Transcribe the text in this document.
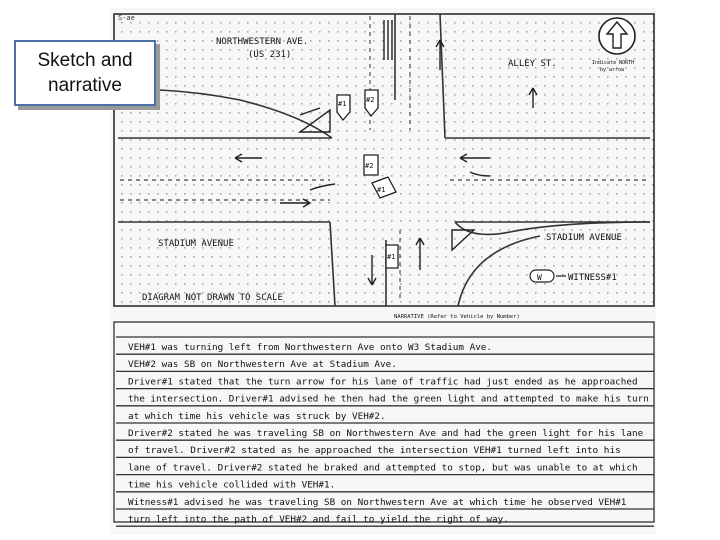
S-ae
#1	#2
#2
#1
#1
NORTHWESTERN AVE.
(US 231)
ALLEY ST.
STADIUM AVENUE
STADIUM AVENUE
DIAGRAM NOT DRAWN TO SCALE
W	WITNESS#1
Indicate NORTH
by arrow
NARRATIVE (Refer to Vehicle by Number)
VEH#1 was turning left from Northwestern Ave onto W3 Stadium Ave.
VEH#2 was SB on Northwestern Ave at Stadium Ave.
Driver#1 stated that the turn arrow for his lane of traffic had just ended as he approached
the intersection. Driver#1 advised he then had the green light and attempted to make his turn
at which time his vehicle was struck by VEH#2.
Driver#2 stated he was traveling SB on Northwestern Ave and had the green light for his lane
of travel. Driver#2 stated as he approached the intersection VEH#1 turned left into his
lane of travel. Driver#2 stated he braked and attempted to stop, but was unable to at which
time his vehicle collided with VEH#1.
Witness#1 advised he was traveling SB on Northwestern Ave at which time he observed VEH#1
turn left into the path of VEH#2 and fail to yield the right of way.
Sketch and narrative
